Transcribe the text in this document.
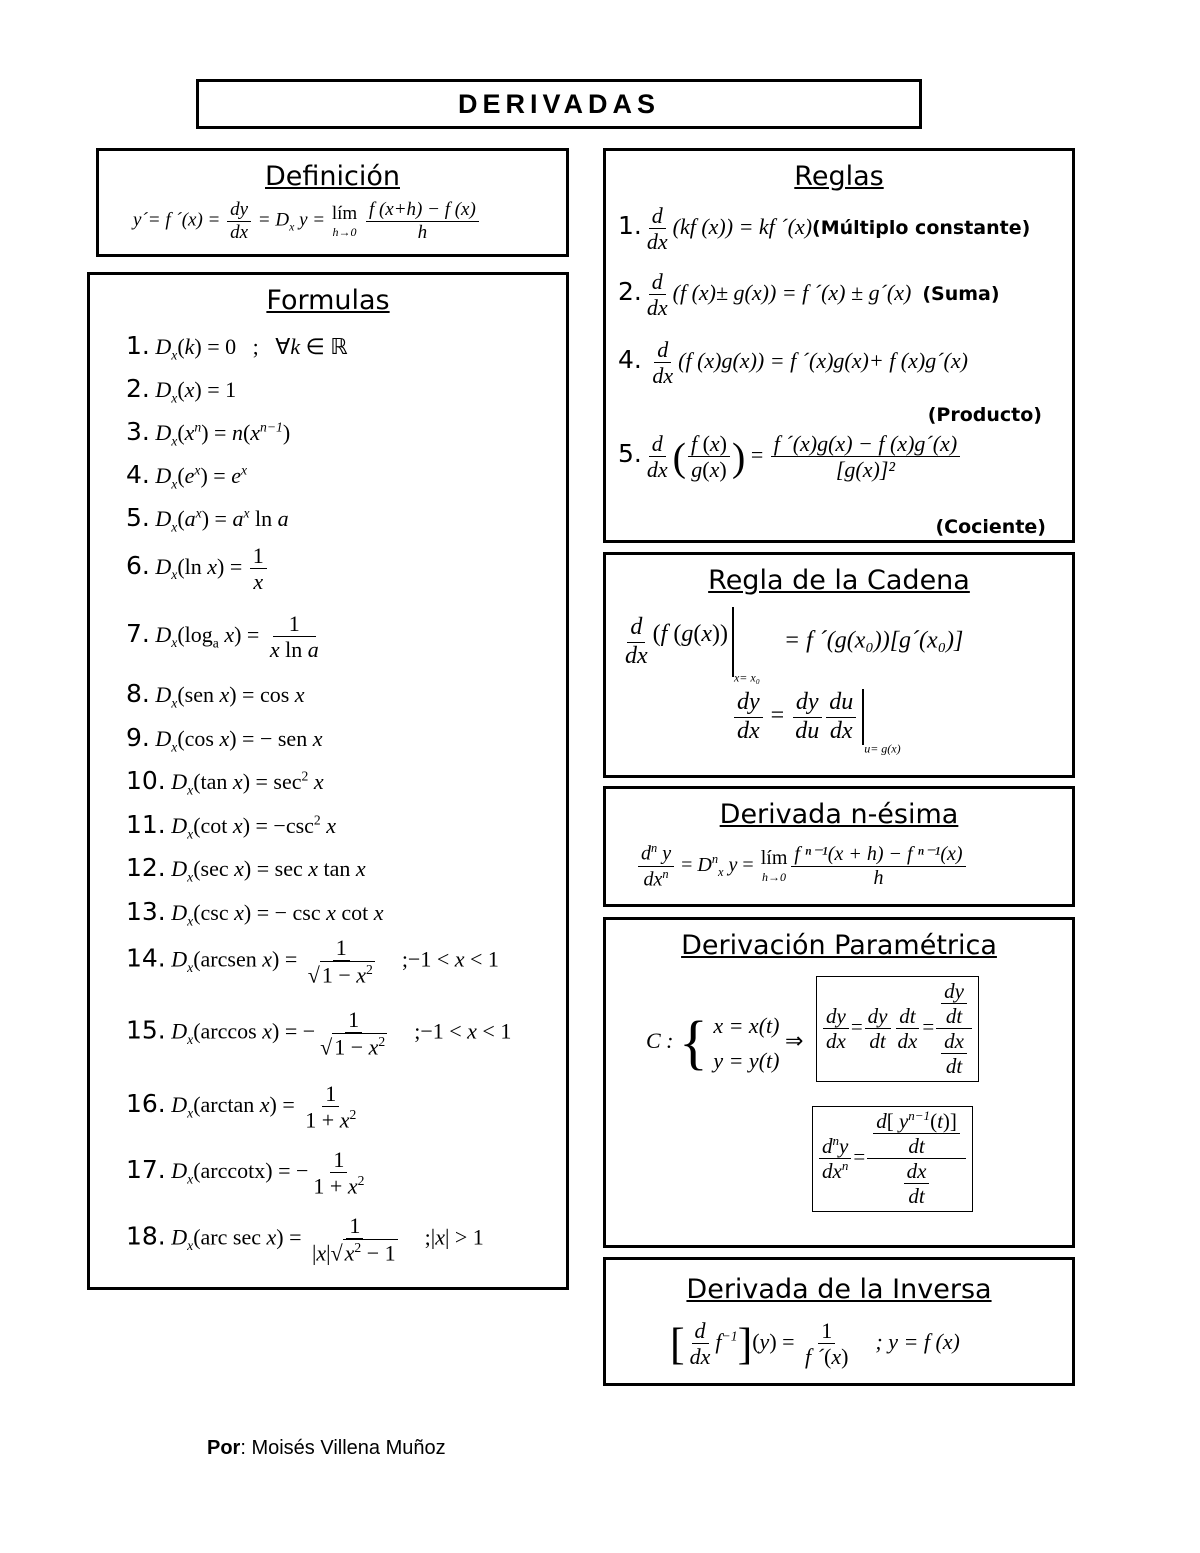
DERIVADAS
Definición
y´= f ´(x) = $\frac{dy}{dx} = D_x$ y = lím
h→0
$\frac{f (x+h) - f (x)}{h}$
Formulas
1. $D_x(k) = 0$   ;   ∀k ∈ ℝ
2. $D_x(x) = 1$
3. $D_x(x^n) = n(x^{n-1})$
4. $D_x(e^x) = e^x$
5. $D_x(a^x) = a^x$ ln a
6. $D_x(\ln$ $x) = \frac{1}{x}$
7. $D_x(\log_a$ $x) = \frac{1}{\text{x ln a}}$
8. $D_x(sen$ x) = cos x
9. $D_x(\cos$ x) = − sen x
10. $D_x(\tan$ $x) = \sec^2 x$
11. $D_x(\cot$ $x) = -\csc^2$ x
12. $D_x(\sec$ x) = sec x tan x
13. $D_x(\csc$ x) = − csc x cot x
14. $D_x(arcsen$ $x) = \frac{1}{√1 - x^2}$ ;−1 < x < 1
15. $D_x(\arccos$ x) = − $\frac{1}{√1 - x^2}$ ;−1 < x < 1
16. $D_x(\arctan$ $x) = \frac{1}{1 + x^2}$
17. $D_x(arccotx)$ = − $\frac{1}{1 + x^2}$
18. $D_x(arc$ $\sec x) = \frac{1}{|x|√x^2 - 1}$ ;|x| > 1
Reglas
1. $\frac{d}{dx} (kf$ (x)) = kf ´(x)(Múltiplo constante)
2. $\frac{d}{dx} (f$ (x)± g(x)) = f ´(x) ± g´(x) (Suma)
4. $\frac{d}{dx} (f$ (x)g(x)) = f ´(x)g(x)+ f (x)g´(x)
(Producto)
5. $\frac{d}{dx}$ ( $\frac{f (x)}{g(x)}$ ) = $\frac{f ´(x)g(x) - f (x)g´(x)}{\text{[g(x)]²}}$
(Cociente)
Regla de la Cadena
$\frac{d}{dx} (f$ $(g(x))_{x= x_0}$    = f ´(g(x₀))[g´(x₀)]
$\frac{dy}{dx} = \frac{dy}{du} \frac{du}{dx}$
$_{u= g(x)}$
Derivada n-ésima
$\frac{d^n y}{dx^n} = D^n_x$ y = lím
$h\to 0 \frac{\text{f ⁿ⁻¹(x + h) − f ⁿ⁻¹(x)}}{h}$
Derivación Paramétrica
C : { x = x(t)
y = y(t)
⇒ $\frac{dy}{dx} = \frac{dy}{dt} \frac{dt}{dx} = \frac{\frac{dy}{dt}}{\frac{dx}{dt}}$
$\frac{d^ny}{dx^n} = \frac{\frac{d[ y^{n-1}(t)]}{dt}}{\frac{dx}{dt}}$
Derivada de la Inversa
[ $\frac{d}{dx} f^{-1}](y) = \frac{1}{f ´(x)}$ ; y = f (x)
Por: Moisés Villena Muñoz
